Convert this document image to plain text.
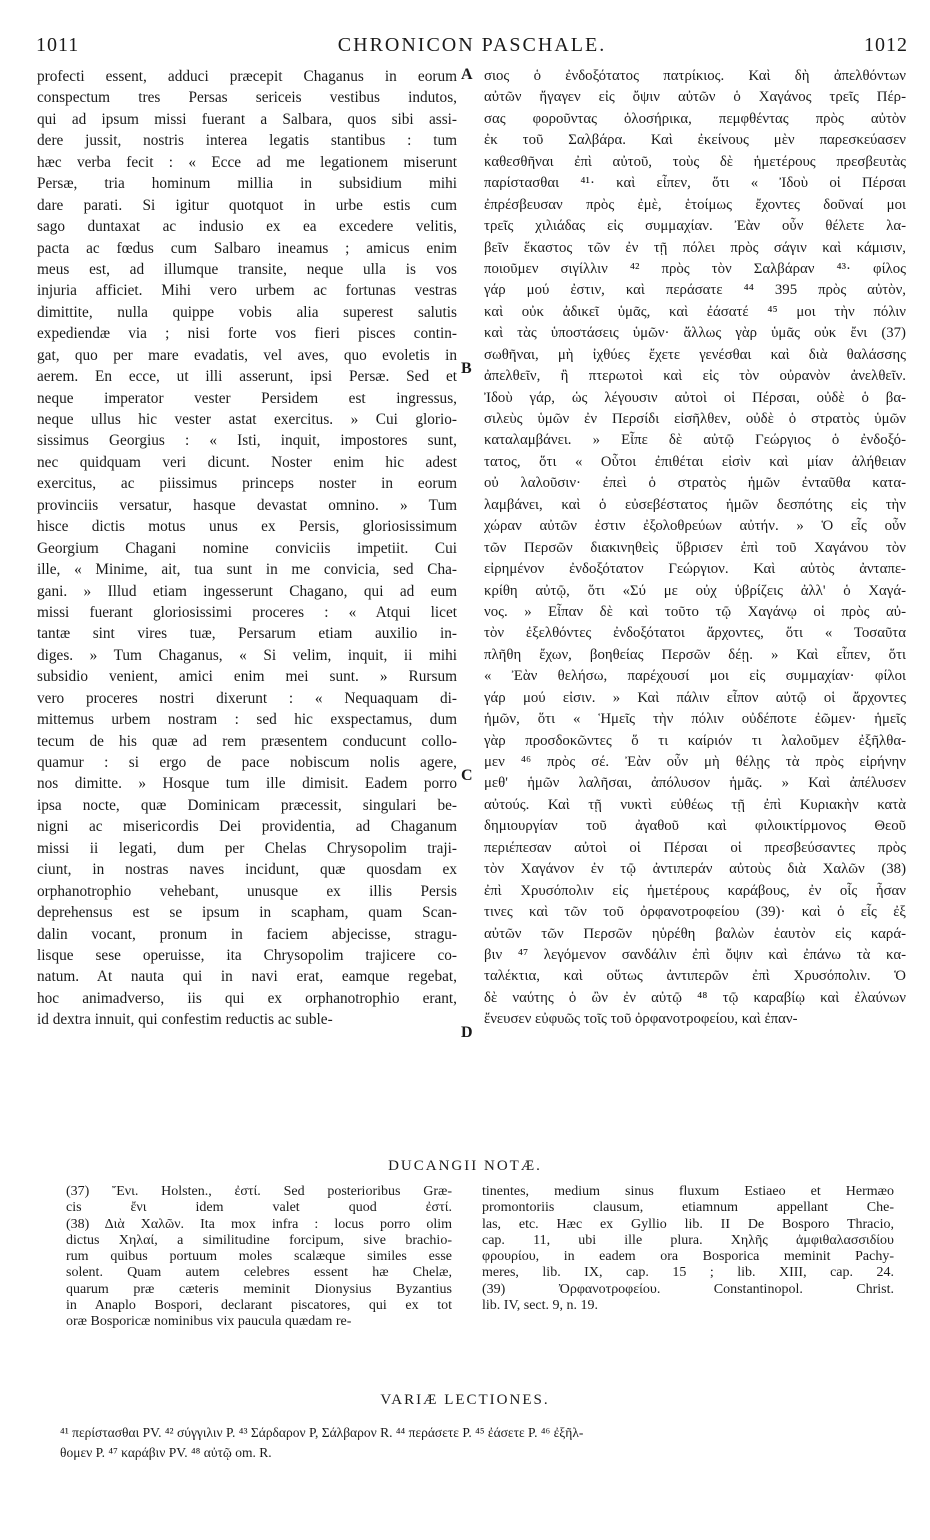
1011	CHRONICON PASCHALE.	1012
profecti essent, adduci præcepit Chaganus in eorum
conspectum tres Persas sericeis vestibus indutos,
qui ad ipsum missi fuerant a Salbara, quos sibi assi-
dere jussit, nostris interea legatis stantibus : tum
hæc verba fecit : « Ecce ad me legationem miserunt
Persæ, tria hominum millia in subsidium mihi
dare parati. Si igitur quotquot in urbe estis cum
sago duntaxat ac indusio ex ea excedere velitis,
pacta ac fœdus cum Salbaro ineamus ; amicus enim
meus est, ad illumque transite, neque ulla is vos
injuria afficiet. Mihi vero urbem ac fortunas vestras
dimittite, nulla quippe vobis alia superest salutis
expediendæ via ; nisi forte vos fieri pisces contin-
gat, quo per mare evadatis, vel aves, quo evoletis in
aerem. En ecce, ut illi asserunt, ipsi Persæ. Sed et
neque imperator vester Persidem est ingressus,
neque ullus hic vester astat exercitus. » Cui glorio-
sissimus Georgius : « Isti, inquit, impostores sunt,
nec quidquam veri dicunt. Noster enim hic adest
exercitus, ac piissimus princeps noster in eorum
provinciis versatur, hasque devastat omnino. » Tum
hisce dictis motus unus ex Persis, gloriosissimum
Georgium Chagani nomine conviciis impetiit. Cui
ille, « Minime, ait, tua sunt in me convicia, sed Cha-
gani. » Illud etiam ingesserunt Chagano, qui ad eum
missi fuerant gloriosissimi proceres : « Atqui licet
tantæ sint vires tuæ, Persarum etiam auxilio in-
diges. » Tum Chaganus, « Si velim, inquit, ii mihi
subsidio venient, amici enim mei sunt. » Rursum
vero proceres nostri dixerunt : « Nequaquam di-
mittemus urbem nostram : sed hic exspectamus, dum
tecum de his quæ ad rem præsentem conducunt collo-
quamur : si ergo de pace nobiscum nolis agere,
nos dimitte. » Hosque tum ille dimisit. Eadem porro
ipsa nocte, quæ Dominicam præcessit, singulari be-
nigni ac misericordis Dei providentia, ad Chaganum
missi ii legati, dum per Chelas Chrysopolim traji-
ciunt, in nostras naves incidunt, quæ quosdam ex
orphanotrophio vehebant, unusque ex illis Persis
deprehensus est se ipsum in scapham, quam Scan-
dalin vocant, pronum in faciem abjecisse, stragu-
lisque sese operuisse, ita Chrysopolim trajicere co-
natum. At nauta qui in navi erat, eamque regebat,
hoc animadverso, iis qui ex orphanotrophio erant,
id dextra innuit, qui confestim reductis ac suble-
σιος ὁ ἐνδοξότατος πατρίκιος. Καὶ δὴ ἀπελθόντων
αὐτῶν ἤγαγεν εἰς ὄψιν αὐτῶν ὁ Χαγάνος τρεῖς Πέρ-
σας φοροῦντας ὁλοσήρικα, πεμφθέντας πρὸς αὐτὸν
ἐκ τοῦ Σαλβάρα. Καὶ ἐκείνους μὲν παρεσκεύασεν
καθεσθῆναι ἐπὶ αὐτοῦ, τοὺς δὲ ἡμετέρους πρεσβευτὰς
παρίστασθαι ⁴¹· καὶ εἶπεν, ὅτι « Ἰδοὺ οἱ Πέρσαι
ἐπρέσβευσαν πρὸς ἐμὲ, ἑτοίμως ἔχοντες δοῦναί μοι
τρεῖς χιλιάδας εἰς συμμαχίαν. Ἐὰν οὖν θέλετε λα-
βεῖν ἕκαστος τῶν ἐν τῇ πόλει πρὸς σάγιν καὶ κάμισιν,
ποιοῦμεν σιγίλλιν ⁴² πρὸς τὸν Σαλβάραν ⁴³· φίλος
γάρ μού ἐστιν, καὶ περάσατε ⁴⁴ 395 πρὸς αὐτὸν,
καὶ οὐκ ἀδικεῖ ὑμᾶς, καὶ ἐάσατέ ⁴⁵ μοι τὴν πόλιν
καὶ τὰς ὑποστάσεις ὑμῶν· ἄλλως γὰρ ὑμᾶς οὐκ ἔνι (37)
σωθῆναι, μὴ ἰχθύες ἔχετε γενέσθαι καὶ διὰ θαλάσσης
ἀπελθεῖν, ἢ πτερωτοὶ καὶ εἰς τὸν οὐρανὸν ἀνελθεῖν.
Ἰδοὺ γάρ, ὡς λέγουσιν αὐτοὶ οἱ Πέρσαι, οὐδὲ ὁ βα-
σιλεὺς ὑμῶν ἐν Περσίδι εἰσῆλθεν, οὐδὲ ὁ στρατὸς ὑμῶν
καταλαμβάνει. » Εἶπε δὲ αὐτῷ Γεώργιος ὁ ἐνδοξό-
τατος, ὅτι « Οὗτοι ἐπιθέται εἰσὶν καὶ μίαν ἀλήθειαν
οὐ λαλοῦσιν· ἐπεὶ ὁ στρατὸς ἡμῶν ἐνταῦθα κατα-
λαμβάνει, καὶ ὁ εὐσεβέστατος ἡμῶν δεσπότης εἰς τὴν
χώραν αὐτῶν ἐστιν ἐξολοθρεύων αὐτήν. » Ὁ εἷς οὖν
τῶν Περσῶν διακινηθεὶς ὕβρισεν ἐπὶ τοῦ Χαγάνου τὸν
εἰρημένον ἐνδοξότατον Γεώργιον. Καὶ αὐτὸς ἀνταπε-
κρίθη αὐτῷ, ὅτι «Σύ με οὐχ ὑβρίζεις ἀλλ' ὁ Χαγά-
νος. » Εἶπαν δὲ καὶ τοῦτο τῷ Χαγάνῳ οἱ πρὸς αὐ-
τὸν ἐξελθόντες ἐνδοξότατοι ἄρχοντες, ὅτι « Τοσαῦτα
πλῆθη ἔχων, βοηθείας Περσῶν δέῃ. » Καὶ εἶπεν, ὅτι
« Ἐὰν θελήσω, παρέχουσί μοι εἰς συμμαχίαν· φίλοι
γάρ μού εἰσιν. » Καὶ πάλιν εἶπον αὐτῷ οἱ ἄρχοντες
ἡμῶν, ὅτι « Ἡμεῖς τὴν πόλιν οὐδέποτε ἐῶμεν· ἡμεῖς
γὰρ προσδοκῶντες ὅ τι καίριόν τι λαλοῦμεν ἐξῆλθα-
μεν ⁴⁶ πρὸς σέ. Ἐὰν οὖν μὴ θέλῃς τὰ πρὸς εἰρήνην
μεθ' ἡμῶν λαλῆσαι, ἀπόλυσον ἡμᾶς. » Καὶ ἀπέλυσεν
αὐτούς. Καὶ τῇ νυκτὶ εὐθέως τῇ ἐπὶ Κυριακὴν κατὰ
δημιουργίαν τοῦ ἀγαθοῦ καὶ φιλοικτίρμονος Θεοῦ
περιέπεσαν αὐτοὶ οἱ Πέρσαι οἱ πρεσβεύσαντες πρὸς
τὸν Χαγάνον ἐν τῷ ἀντιπεράν αὐτοὺς διὰ Χαλῶν (38)
ἐπὶ Χρυσόπολιν εἰς ἡμετέρους καράβους, ἐν οἷς ἦσαν
τινες καὶ τῶν τοῦ ὀρφανοτροφείου (39)· καὶ ὁ εἷς ἐξ
αὐτῶν τῶν Περσῶν ηὑρέθη βαλὼν ἑαυτὸν εἰς καρά-
βιν ⁴⁷ λεγόμενον σανδάλιν ἐπὶ ὄψιν καὶ ἐπάνω τὰ κα-
ταλέκτια, καὶ οὕτως ἀντιπερῶν ἐπὶ Χρυσόπολιν. Ὁ
δὲ ναύτης ὁ ὢν ἐν αὐτῷ ⁴⁸ τῷ καραβίῳ καὶ ἐλαύνων
ἔνευσεν εὐφυῶς τοῖς τοῦ ὀρφανοτροφείου, καὶ ἐπαν-
A
B
C
D
DUCANGII NOTÆ.
(37) Ἔνι. Holsten., ἐστί. Sed posterioribus Græ-
cis ἔνι idem valet quod ἐστί.
(38) Διὰ Χαλῶν. Ita mox infra : locus porro olim
dictus Χηλαί, a similitudine forcipum, sive brachio-
rum quibus portuum moles scalæque similes esse
solent. Quam autem celebres essent hæ Chelæ,
quarum præ cæteris meminit Dionysius Byzantius
in Anaplo Bospori, declarant piscatores, qui ex tot
oræ Bosporicæ nominibus vix paucula quædam re-
tinentes, medium sinus fluxum Estiaeo et Hermæo
promontoriis clausum, etiamnum appellant Che-
las, etc. Hæc ex Gyllio lib. II De Bosporo Thracio,
cap. 11, ubi ille plura. Χηλῆς ἀμφιθαλασσιδίου
φρουρίου, in eadem ora Bosporica meminit Pachy-
meres, lib. IX, cap. 15 ; lib. XIII, cap. 24.
(39) Ὀρφανοτροφείου. Constantinopol. Christ.
lib. IV, sect. 9, n. 19.
VARIÆ LECTIONES.
⁴¹ περίστασθαι PV. ⁴² σύγγιλιν P. ⁴³ Σάρδαρον P, Σάλβαρον R. ⁴⁴ περάσετε P. ⁴⁵ ἐάσετε P. ⁴⁶ ἐξῆλ-
θομεν P. ⁴⁷ καράβιν PV. ⁴⁸ αὐτῷ om. R.
